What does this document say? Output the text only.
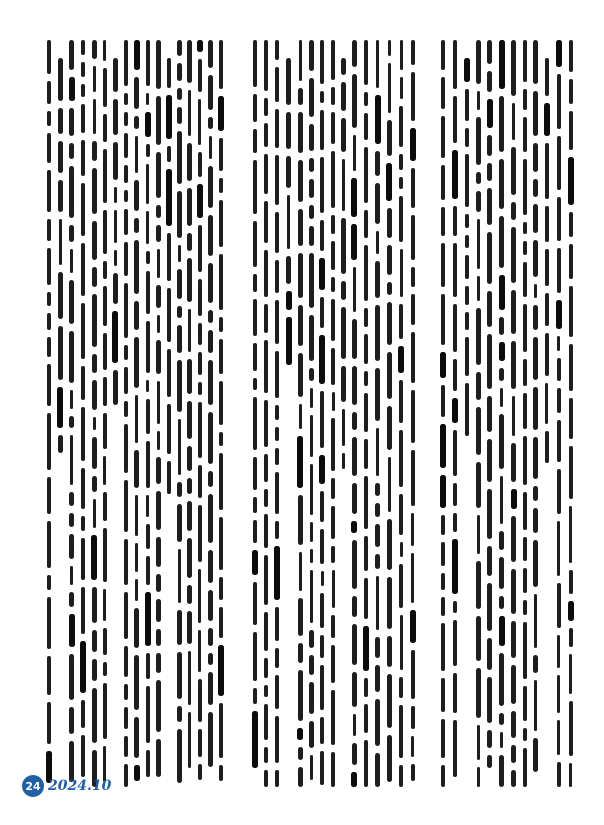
24 2024.10
